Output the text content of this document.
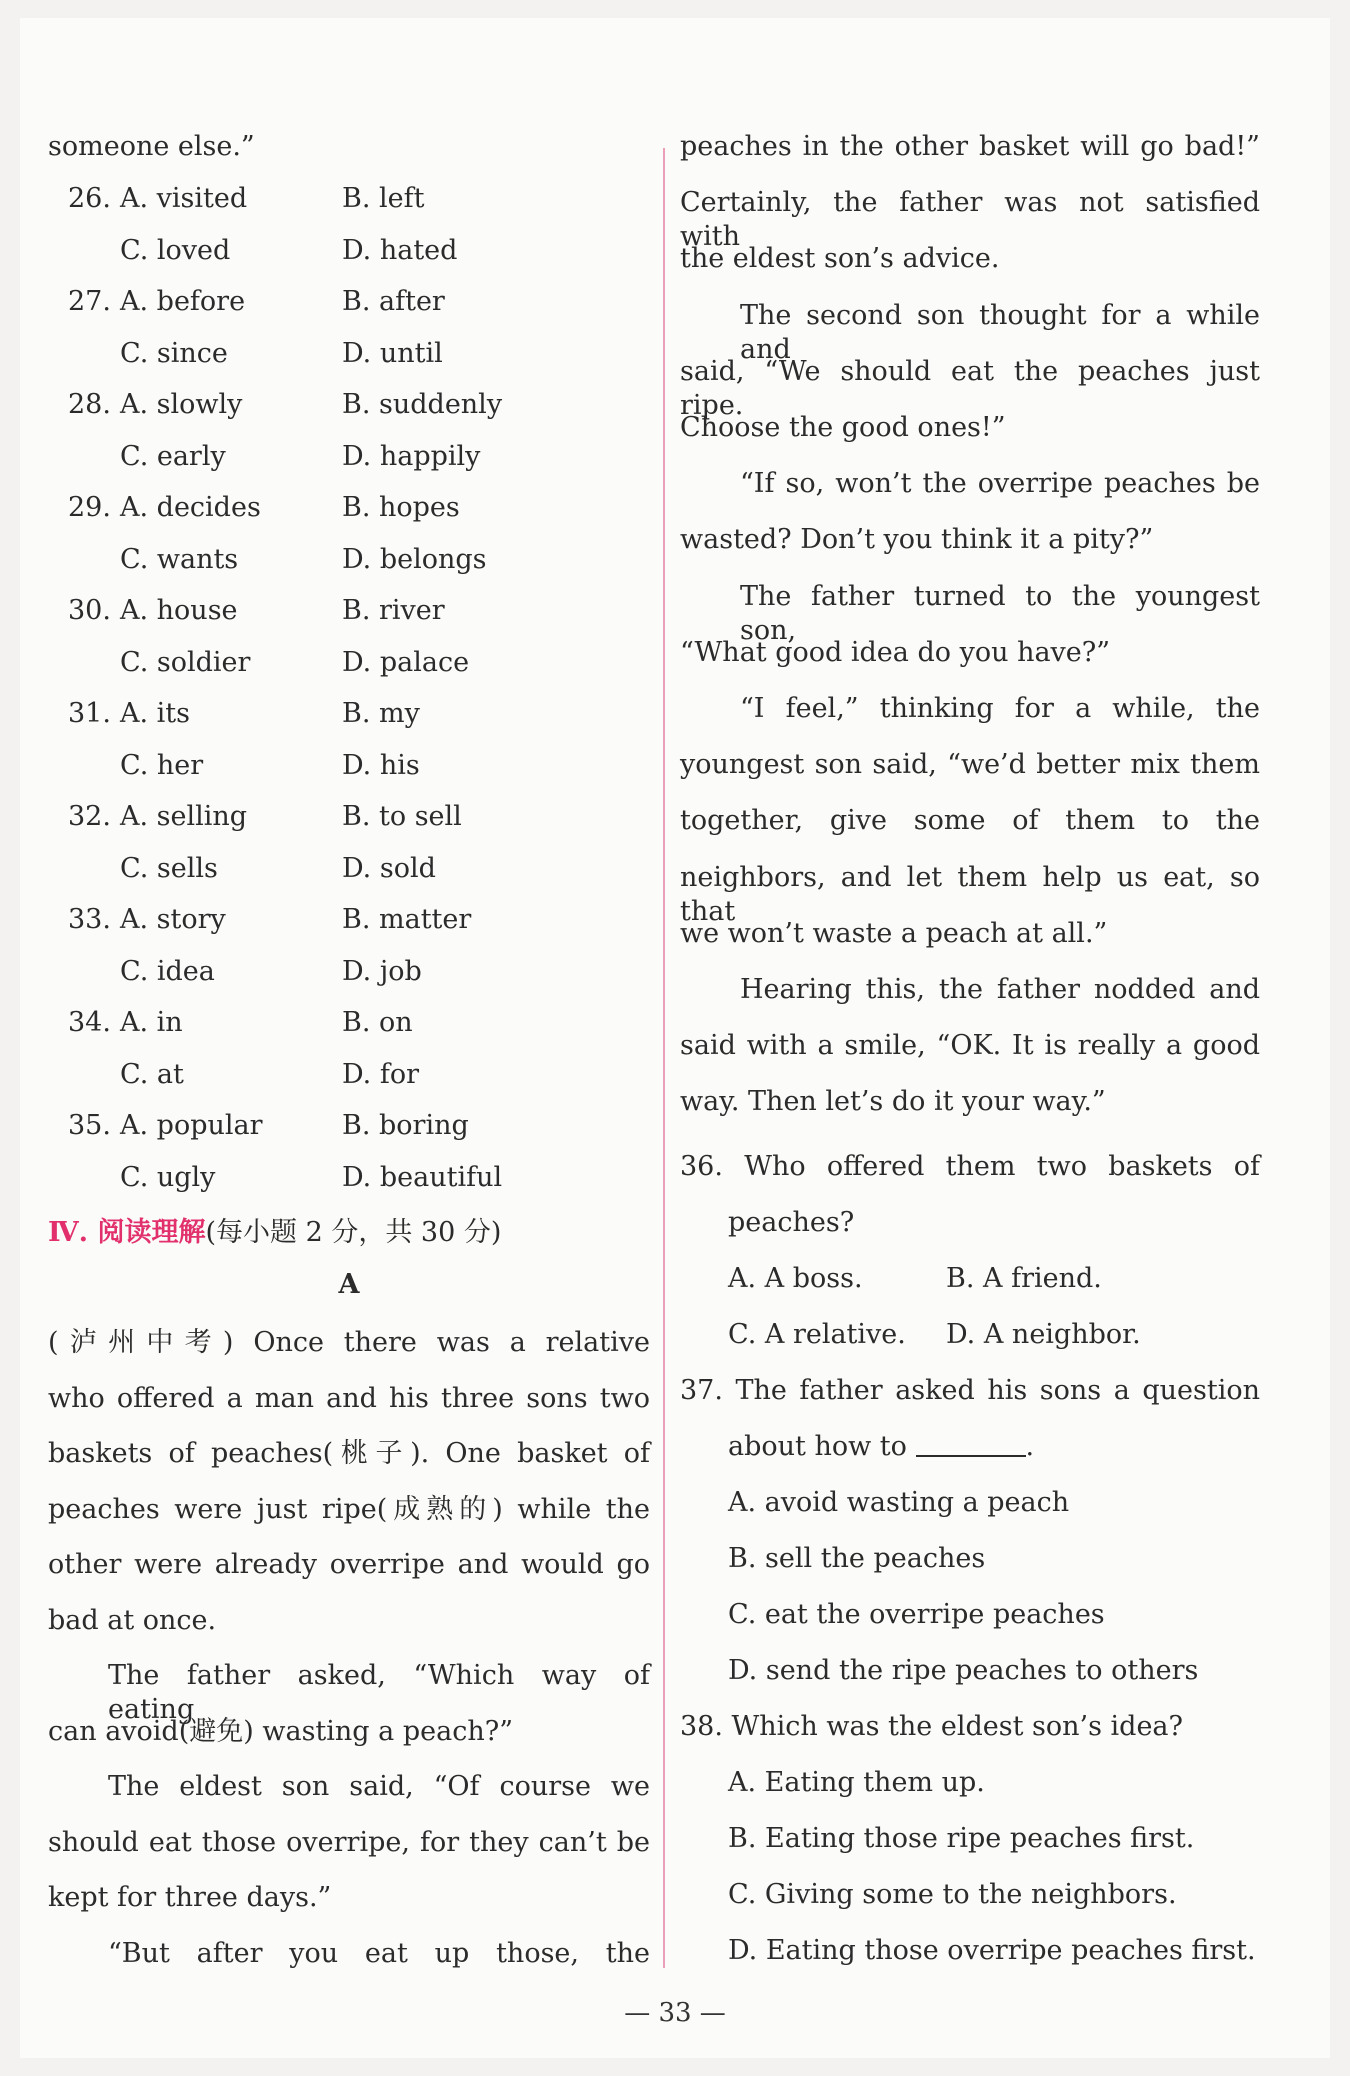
someone else.”
26. A. visited	B. left
C. loved	D. hated
27. A. before	B. after
C. since	D. until
28. A. slowly	B. suddenly
C. early	D. happily
29. A. decides	B. hopes
C. wants	D. belongs
30. A. house	B. river
C. soldier	D. palace
31. A. its	B. my
C. her	D. his
32. A. selling	B. to sell
C. sells	D. sold
33. A. story	B. matter
C. idea	D. job
34. A. in	B. on
C. at	D. for
35. A. popular	B. boring
C. ugly	D. beautiful
Ⅳ. 阅读理解(每小题 2 分，共 30 分)
A
(泸州中考) Once there was a relative
who offered a man and his three sons two
baskets of peaches(桃子). One basket of
peaches were just ripe(成熟的) while the
other were already overripe and would go
bad at once.
The father asked, “Which way of eating
can avoid(避免) wasting a peach?”
The eldest son said, “Of course we
should eat those overripe, for they can’t be
kept for three days.”
“But after you eat up those, the
peaches in the other basket will go bad!”
Certainly, the father was not satisfied with
the eldest son’s advice.
The second son thought for a while and
said, “We should eat the peaches just ripe.
Choose the good ones!”
“If so, won’t the overripe peaches be
wasted? Don’t you think it a pity?”
The father turned to the youngest son,
“What good idea do you have?”
“I feel,” thinking for a while, the
youngest son said, “we’d better mix them
together, give some of them to the
neighbors, and let them help us eat, so that
we won’t waste a peach at all.”
Hearing this, the father nodded and
said with a smile, “OK. It is really a good
way. Then let’s do it your way.”
36. Who offered them two baskets of
peaches?
A. A boss.	B. A friend.
C. A relative. D. A neighbor.
37. The father asked his sons a question
about how to	.
A. avoid wasting a peach
B. sell the peaches
C. eat the overripe peaches
D. send the ripe peaches to others
38. Which was the eldest son’s idea?
A. Eating them up.
B. Eating those ripe peaches first.
C. Giving some to the neighbors.
D. Eating those overripe peaches first.
— 33 —
